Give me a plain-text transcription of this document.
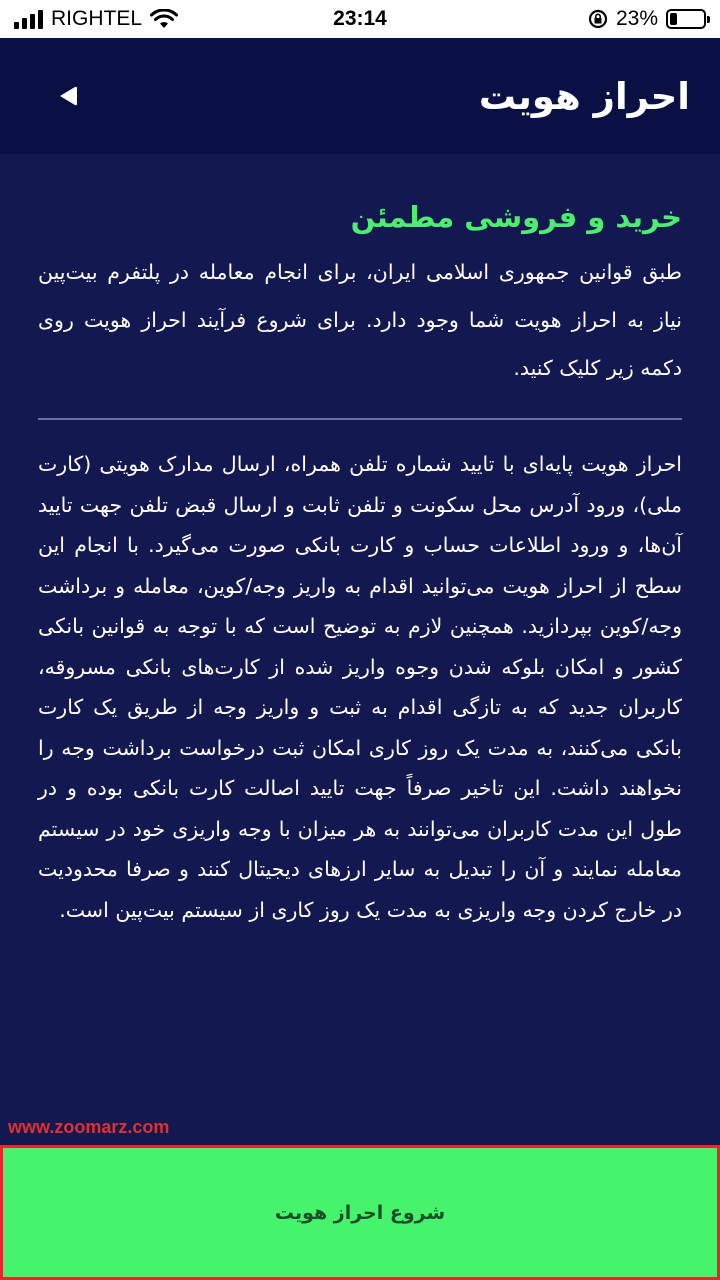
RIGHTEL	23:14	23%
احراز هویت
خرید و فروشی مطمئن

طبق قوانین جمهوری اسلامی ایران، برای انجام معامله در پلتفرم بیت‌پین نیاز به احراز هویت شما وجود دارد. برای شروع فرآیند احراز هویت روی دکمه زیر کلیک کنید.

احراز هویت پایه‌ای با تایید شماره تلفن همراه، ارسال مدارک هویتی (کارت ملی)، ورود آدرس محل سکونت و تلفن ثابت و ارسال قبض تلفن جهت تایید آن‌ها، و ورود اطلاعات حساب و کارت بانکی صورت می‌گیرد. با انجام این سطح از احراز هویت می‌توانید اقدام به واریز وجه/کوین، معامله و برداشت وجه/کوین بپردازید. همچنین لازم به توضیح است که با توجه به قوانین بانکی کشور و امکان بلوکه شدن وجوه واریز شده از کارت‌های بانکی مسروقه، کاربران جدید که به تازگی اقدام به ثبت و واریز وجه از طریق یک کارت بانکی می‌کنند، به مدت یک روز کاری امکان ثبت درخواست برداشت وجه را نخواهند داشت. این تاخیر صرفاً جهت تایید اصالت کارت بانکی بوده و در طول این مدت کاربران می‌توانند به هر میزان با وجه واریزی خود در سیستم معامله نمایند و آن را تبدیل به سایر ارزهای دیجیتال کنند و صرفا محدودیت در خارج کردن وجه واریزی به مدت یک روز کاری از سیستم بیت‌پین است.

www.zoomarz.com
شروع احراز هویت
